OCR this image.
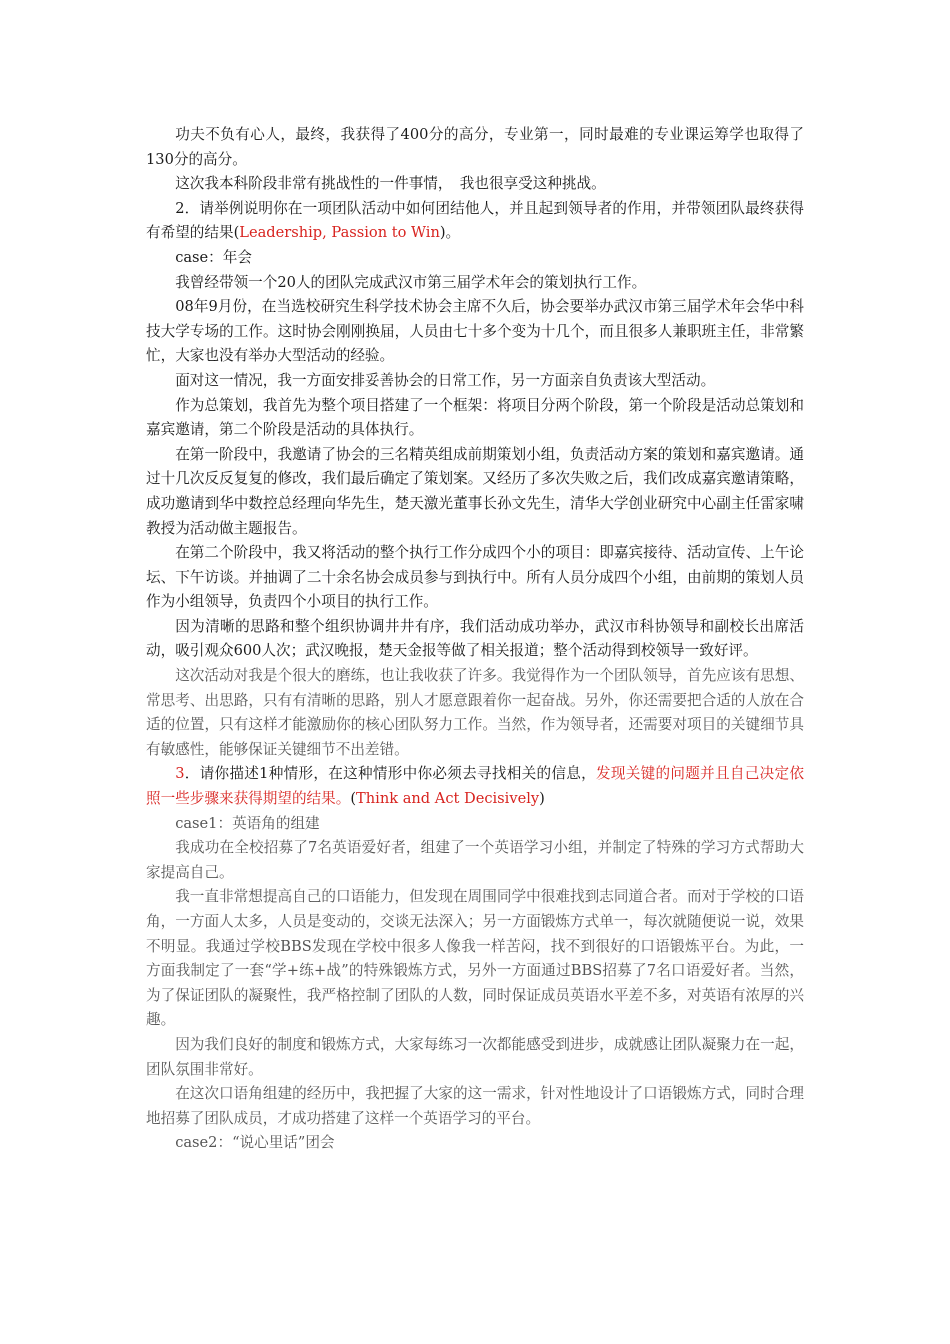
功夫不负有心人，最终，我获得了400分的高分，专业第一，同时最难的专业课运筹学也取得了130分的高分。

这次我本科阶段非常有挑战性的一件事情，　我也很享受这种挑战。

2．请举例说明你在一项团队活动中如何团结他人，并且起到领导者的作用，并带领团队最终获得有希望的结果(Leadership, Passion to Win)。

case：年会

我曾经带领一个20人的团队完成武汉市第三届学术年会的策划执行工作。

08年9月份，在当选校研究生科学技术协会主席不久后，协会要举办武汉市第三届学术年会华中科技大学专场的工作。这时协会刚刚换届，人员由七十多个变为十几个，而且很多人兼职班主任，非常繁忙，大家也没有举办大型活动的经验。

面对这一情况，我一方面安排妥善协会的日常工作，另一方面亲自负责该大型活动。

作为总策划，我首先为整个项目搭建了一个框架：将项目分两个阶段，第一个阶段是活动总策划和嘉宾邀请，第二个阶段是活动的具体执行。

在第一阶段中，我邀请了协会的三名精英组成前期策划小组，负责活动方案的策划和嘉宾邀请。通过十几次反反复复的修改，我们最后确定了策划案。又经历了多次失败之后，我们改成嘉宾邀请策略，成功邀请到华中数控总经理向华先生，楚天激光董事长孙文先生，清华大学创业研究中心副主任雷家啸教授为活动做主题报告。

在第二个阶段中，我又将活动的整个执行工作分成四个小的项目：即嘉宾接待、活动宣传、上午论坛、下午访谈。并抽调了二十余名协会成员参与到执行中。所有人员分成四个小组，由前期的策划人员作为小组领导，负责四个小项目的执行工作。

因为清晰的思路和整个组织协调井井有序，我们活动成功举办，武汉市科协领导和副校长出席活动，吸引观众600人次；武汉晚报，楚天金报等做了相关报道；整个活动得到校领导一致好评。

这次活动对我是个很大的磨练，也让我收获了许多。我觉得作为一个团队领导，首先应该有思想、常思考、出思路，只有有清晰的思路，别人才愿意跟着你一起奋战。另外，你还需要把合适的人放在合适的位置，只有这样才能激励你的核心团队努力工作。当然，作为领导者，还需要对项目的关键细节具有敏感性，能够保证关键细节不出差错。

3．请你描述1种情形，在这种情形中你必须去寻找相关的信息，发现关键的问题并且自己决定依照一些步骤来获得期望的结果。(Think and Act Decisively)

case1：英语角的组建

我成功在全校招募了7名英语爱好者，组建了一个英语学习小组，并制定了特殊的学习方式帮助大家提高自己。

我一直非常想提高自己的口语能力，但发现在周围同学中很难找到志同道合者。而对于学校的口语角，一方面人太多，人员是变动的，交谈无法深入；另一方面锻炼方式单一，每次就随便说一说，效果不明显。我通过学校BBS发现在学校中很多人像我一样苦闷，找不到很好的口语锻炼平台。为此，一方面我制定了一套“学+练+战”的特殊锻炼方式，另外一方面通过BBS招募了7名口语爱好者。当然，为了保证团队的凝聚性，我严格控制了团队的人数，同时保证成员英语水平差不多，对英语有浓厚的兴趣。

因为我们良好的制度和锻炼方式，大家每练习一次都能感受到进步，成就感让团队凝聚力在一起，团队氛围非常好。

在这次口语角组建的经历中，我把握了大家的这一需求，针对性地设计了口语锻炼方式，同时合理地招募了团队成员，才成功搭建了这样一个英语学习的平台。

case2：“说心里话”团会
